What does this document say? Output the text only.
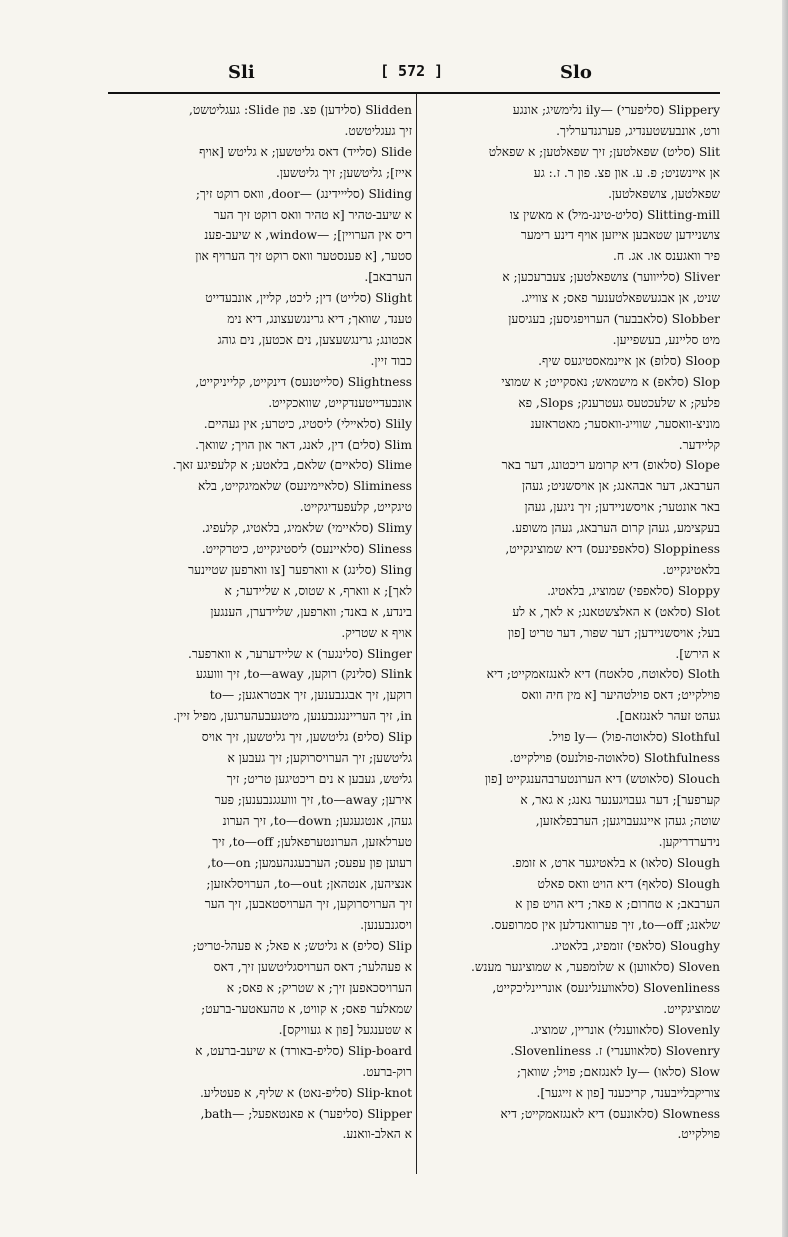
Sli	[ 572 ]	Slo
Slidden (סלידען) פצ. פון Slide: געגליטשט,
זיך געגליטשט.
Slide (סלייד) דאס גליטשען; א גליטש [אויף
אייז]; גליטשען; זיך גליטשען.
Sliding (סלייידינג) —door, וואס רוקט זיך;
א שיעב-טהיר [א טהיר וואס רוקט זיך הער
ריס אין הערויין]; —window, א שיעב-פענ
סטער, [א פענסטער וואס רוקט זיך הערויף און
הערבאב].
Slight (סלייט) דין; ליכט, קליין, אונבעדייט
טענד, שוואך; דיא גרינגשעצונג, דיא נימ
אכטונג; גרינגשעצען, נים אכטען, נים גוהג
כבוד זיין.
Slightness (סלייטנעס) דינקייט, קלייניקייט,
אונבעדייטענדקייט, שוואכקייט.
Slily (סלאיילי) ליסטיג, כיטרע; אין געהיים.
Slim (סלים) דין, לאנג, דאר און הויך; שוואך.
Slime (סלאיים) שלאם, בלאטע; א קלעפיגע זאך.
Sliminess (סלאיימינעס) שלאמיגקייט, בלא
טיגקייט, קלעפעדיגקייט.
Slimy (סלאיימי) שלאמיג, בלאטיג, קלעפיג.
Sliness (סלאיינעס) ליסטיגקייט, כיטרקייט.
Sling (סלינג) א ווארפער [צו ווארפען שטיינער
לאך]; א ווארף, א שטוס, א שליידער; א
בינדע, א באנד; ווארפען, שליידערן, הענגען
אויף א שטריק.
Slinger (סלינגער) א שליידערער, א ווארפער.
Slink (סלינק) רוקען, to—away, זיך ווועגע
רוקען, זיך אבגנבענען, זיך אבטראגען; —to
in, זיך הערייננגנבענען, מיטגעבעהערגען, מפיל זיין.
Slip (סליפ) גליטשען, זיך גליטשען, זיך אויס
גליטשען; זיך הערויסרוקען; זיך געבען א
גליטש, געבען א נים ריכטיגען טריט; זיך
אירען; to—away, זיך ווועגגנבענען; פער
געהן, אנטגעגען; to—down, זיך הערונ
טערלאזען, הערונטערפאלען; to—off, זיך
רעוען פון עפעס; הערבעגנהעמען; to—on,
אנציהען, אנטהאן; to—out, הערויסלאזען;
זיך הערויסרוקען, זיך הערויסטאבען, זיך הער
ויסגנבענען.
Slip (סליפ) א גליטש; א פאל; א פעהל-טריט;
א פעהלער; דאס הערויסגליטשען זיך, דאס
הערויסכאפען זיך; א שטריק; א פאס; א
שמאלער פאס; א קוויט, א טהעאטער-ברעט;
א שטענגעל [פון א געוויקס].
Slip-board (סליפ-באורד) א שיעב-ברעט, א
רוק-ברעט.
Slip-knot (סליפ-נאט) א שליף, א פעטליע.
Slipper (סליפער) א פאנטאפעל; —bath,
א האלב-וואנע.
Slippery (סליפערי) —ily נלימשיג; אונגע
ורט, אונבעשטענדיג, פערגנדערליך.
Slit (סליט) שפאלטען; זיך שפאלטען; א שפאלט
אן איינשניט; פ. ע. און פצ. פון ר. ז.: גע
שפאלטען, צושפאלטען.
Slitting-mill (סליט-טינג-מיל) א מאשין צו
צושניידען שטאבען אייזען אויף דינע רימער
פיר וואגענס או. אג. ח.
Sliver (סלייווער) צושפאלטען; צעברעכען; א
שניט, אן אבגעשפאלטענער פאס; א צווייג.
Slobber (סלאבבער) הערויפגיסען; בעגיסען
מיט סליינע, בעשפייען.
Sloop (סלופ) אן איינמאסטיגעס שיף.
Slop (סלאפ) א מישמאש; נאסקייט; א שמוצי
פלעק; א שלעכטעס געטרענק; Slops, פא
מוניצ-וואסער, שווייג-וואסער; מאטראזענ
קליידער.
Slope (סלאופ) דיא קרומע ריכטונג, דער באר
הערבאג, דער אבהאנג; אן אויסשניט; געהן
באר אונטער; אויסשניידען; זיך ניגען, געהן
בעקצימע, געהן קרום הערבאג, געהן משופע.
Sloppiness (סלאפפינעס) דיא שמוציגקייט,
בלאטיגקייט.
Sloppy (סלאפפי) שמוציג, בלאטיג.
Slot (סלאט) א האלצשטאנג; א לאך, א לע
בעל; אויסשניידען; דער שפור, דער טריט [פון
א הירש].
Sloth (סלאוטח, סלאטח) דיא לאנגזאמקייט; דיא
פוילקייט; דאס פוילטהיער [א מין חיה וואס
געהט זעהר לאנגזאם].
Slothful (סלאוטה-פול) —ly פויל.
Slothfulness (סלאוטה-פולנעס) פוילקייט.
Slouch (סלאוטש) דיא הערונטערבהענגקייט [פון
קערפער]; דער געבויגענער גאנג; א גאר, א
שוטה; געהן איינגעבויגען; הערבפלאזען,
נידערדריקען.
Slough (סלאו) א בלאטיגער ארט, א זומפ.
Slough (סלאף) דיא הויט וואס פאלט
הערבאב; א טחרום; א פאר; דיא הויט פון א
שלאנג; to—off, זיך פערוואנדלען אין סמרופעס.
Sloughy (סלאפי) זומפיג, בלאטיג.
Sloven (סלאווען) א שלומפער, א שמוציגער מענש.
Slovenliness (סלאווענלינעס) אונריינליכקייט,
שמוציגקייט.
Slovenly (סלאווענלי) אונריין, שמוציג.
Slovenry (סלאווענרי) ז. Slovenliness.
Slow (סלאו) —ly לאנגזאם; פויל; שוואך;
צוריקבלייבענד, קריכענד [פון א זייגער].
Slowness (סלאונעס) דיא לאנגזאמקייט; דיא
פוילקייט.
